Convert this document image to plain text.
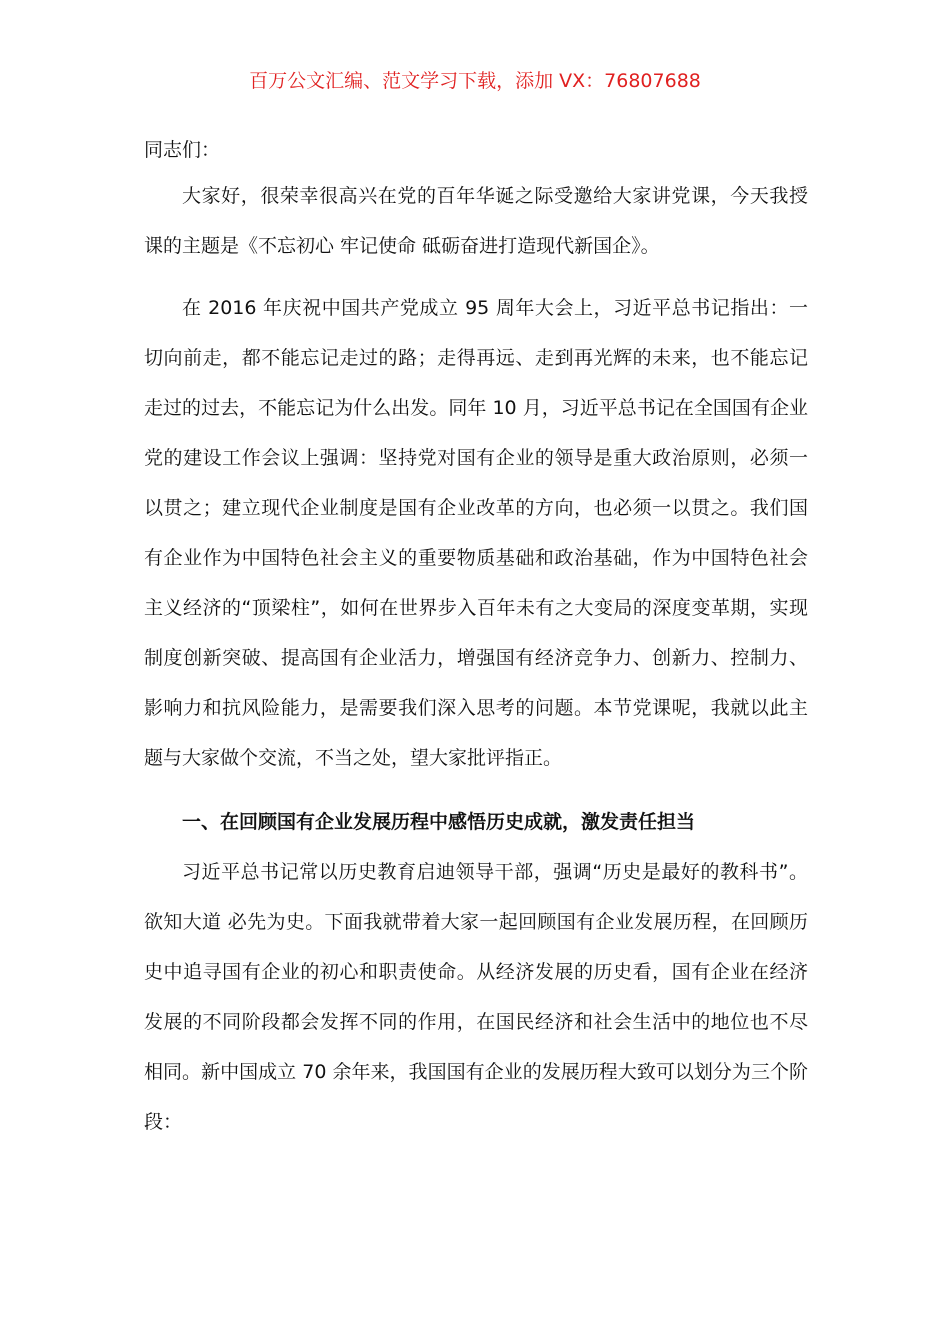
百万公文汇编、范文学习下载，添加 VX：76807688

同志们：

大家好，很荣幸很高兴在党的百年华诞之际受邀给大家讲党课，今天我授课的主题是《不忘初心 牢记使命 砥砺奋进打造现代新国企》。

在 2016 年庆祝中国共产党成立 95 周年大会上，习近平总书记指出：一切向前走，都不能忘记走过的路；走得再远、走到再光辉的未来，也不能忘记走过的过去，不能忘记为什么出发。同年 10 月，习近平总书记在全国国有企业党的建设工作会议上强调：坚持党对国有企业的领导是重大政治原则，必须一以贯之；建立现代企业制度是国有企业改革的方向，也必须一以贯之。我们国有企业作为中国特色社会主义的重要物质基础和政治基础，作为中国特色社会主义经济的“顶梁柱”，如何在世界步入百年未有之大变局的深度变革期，实现制度创新突破、提高国有企业活力，增强国有经济竞争力、创新力、控制力、影响力和抗风险能力，是需要我们深入思考的问题。本节党课呢，我就以此主题与大家做个交流，不当之处，望大家批评指正。

一、在回顾国有企业发展历程中感悟历史成就，激发责任担当

习近平总书记常以历史教育启迪领导干部，强调“历史是最好的教科书”。欲知大道 必先为史。下面我就带着大家一起回顾国有企业发展历程，在回顾历史中追寻国有企业的初心和职责使命。从经济发展的历史看，国有企业在经济发展的不同阶段都会发挥不同的作用，在国民经济和社会生活中的地位也不尽相同。新中国成立 70 余年来，我国国有企业的发展历程大致可以划分为三个阶段：
